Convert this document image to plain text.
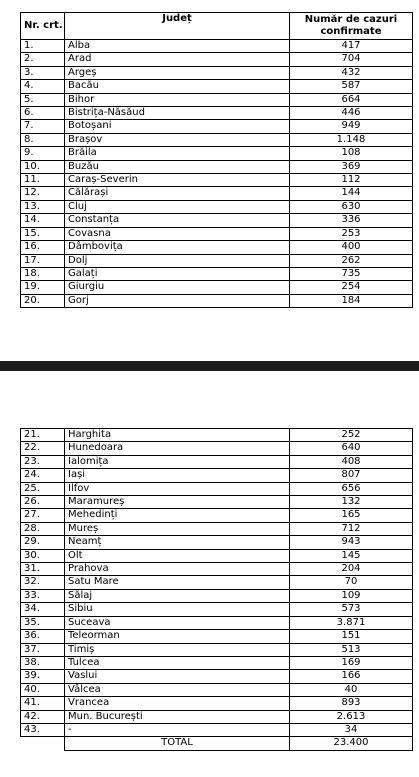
Nr. crt.	Județ	Număr de cazuri confirmate
1.	Alba	417
2.	Arad	704
3.	Argeș	432
4.	Bacău	587
5.	Bihor	664
6.	Bistrița-Năsăud	446
7.	Botoșani	949
8.	Brașov	1.148
9.	Brăila	108
10.	Buzău	369
11.	Caraș-Severin	112
12.	Călărași	144
13.	Cluj	630
14.	Constanța	336
15.	Covasna	253
16.	Dâmbovița	400
17.	Dolj	262
18.	Galați	735
19.	Giurgiu	254
20.	Gorj	184
21.	Harghita	252
22.	Hunedoara	640
23.	Ialomița	408
24.	Iași	807
25.	Ilfov	656
26.	Maramureș	132
27.	Mehedinți	165
28.	Mureș	712
29.	Neamț	943
30.	Olt	145
31.	Prahova	204
32.	Satu Mare	70
33.	Sălaj	109
34.	Sibiu	573
35.	Suceava	3.871
36.	Teleorman	151
37.	Timiș	513
38.	Tulcea	169
39.	Vaslui	166
40.	Vâlcea	40
41.	Vrancea	893
42.	Mun. București	2.613
43.	-	34
	TOTAL	23.400
